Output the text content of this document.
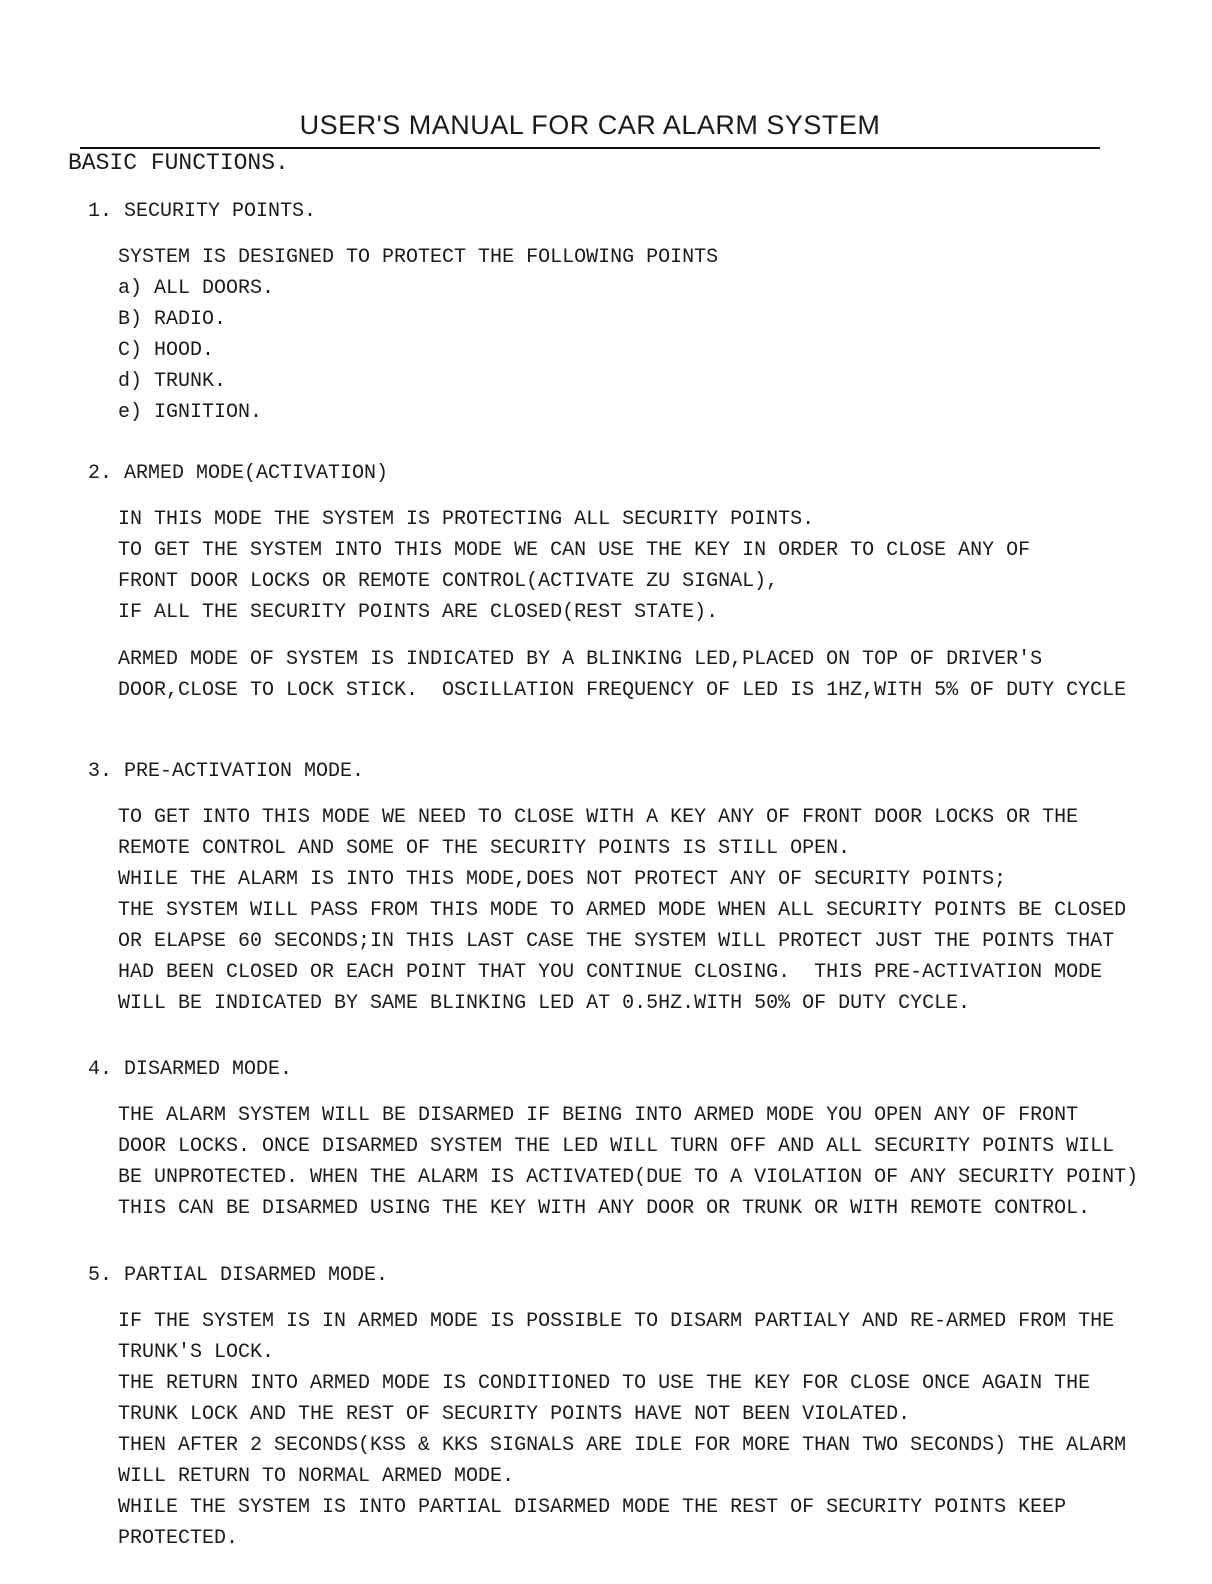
USER'S MANUAL FOR CAR ALARM SYSTEM
BASIC FUNCTIONS.
1. SECURITY POINTS.
SYSTEM IS DESIGNED TO PROTECT THE FOLLOWING POINTS
a) ALL DOORS.
B) RADIO.
C) HOOD.
d) TRUNK.
e) IGNITION.
2. ARMED MODE(ACTIVATION)
IN THIS MODE THE SYSTEM IS PROTECTING ALL SECURITY POINTS.
TO GET THE SYSTEM INTO THIS MODE WE CAN USE THE KEY IN ORDER TO CLOSE ANY OF
FRONT DOOR LOCKS OR REMOTE CONTROL(ACTIVATE ZU SIGNAL),
IF ALL THE SECURITY POINTS ARE CLOSED(REST STATE).
ARMED MODE OF SYSTEM IS INDICATED BY A BLINKING LED,PLACED ON TOP OF DRIVER'S
DOOR,CLOSE TO LOCK STICK.  OSCILLATION FREQUENCY OF LED IS 1HZ,WITH 5% OF DUTY CYCLE
3. PRE-ACTIVATION MODE.
TO GET INTO THIS MODE WE NEED TO CLOSE WITH A KEY ANY OF FRONT DOOR LOCKS OR THE
REMOTE CONTROL AND SOME OF THE SECURITY POINTS IS STILL OPEN.
WHILE THE ALARM IS INTO THIS MODE,DOES NOT PROTECT ANY OF SECURITY POINTS;
THE SYSTEM WILL PASS FROM THIS MODE TO ARMED MODE WHEN ALL SECURITY POINTS BE CLOSED
OR ELAPSE 60 SECONDS;IN THIS LAST CASE THE SYSTEM WILL PROTECT JUST THE POINTS THAT
HAD BEEN CLOSED OR EACH POINT THAT YOU CONTINUE CLOSING.  THIS PRE-ACTIVATION MODE
WILL BE INDICATED BY SAME BLINKING LED AT 0.5HZ.WITH 50% OF DUTY CYCLE.
4. DISARMED MODE.
THE ALARM SYSTEM WILL BE DISARMED IF BEING INTO ARMED MODE YOU OPEN ANY OF FRONT
DOOR LOCKS. ONCE DISARMED SYSTEM THE LED WILL TURN OFF AND ALL SECURITY POINTS WILL
BE UNPROTECTED. WHEN THE ALARM IS ACTIVATED(DUE TO A VIOLATION OF ANY SECURITY POINT)
THIS CAN BE DISARMED USING THE KEY WITH ANY DOOR OR TRUNK OR WITH REMOTE CONTROL.
5. PARTIAL DISARMED MODE.
IF THE SYSTEM IS IN ARMED MODE IS POSSIBLE TO DISARM PARTIALY AND RE-ARMED FROM THE
TRUNK'S LOCK.
THE RETURN INTO ARMED MODE IS CONDITIONED TO USE THE KEY FOR CLOSE ONCE AGAIN THE
TRUNK LOCK AND THE REST OF SECURITY POINTS HAVE NOT BEEN VIOLATED.
THEN AFTER 2 SECONDS(KSS & KKS SIGNALS ARE IDLE FOR MORE THAN TWO SECONDS) THE ALARM
WILL RETURN TO NORMAL ARMED MODE.
WHILE THE SYSTEM IS INTO PARTIAL DISARMED MODE THE REST OF SECURITY POINTS KEEP
PROTECTED.
